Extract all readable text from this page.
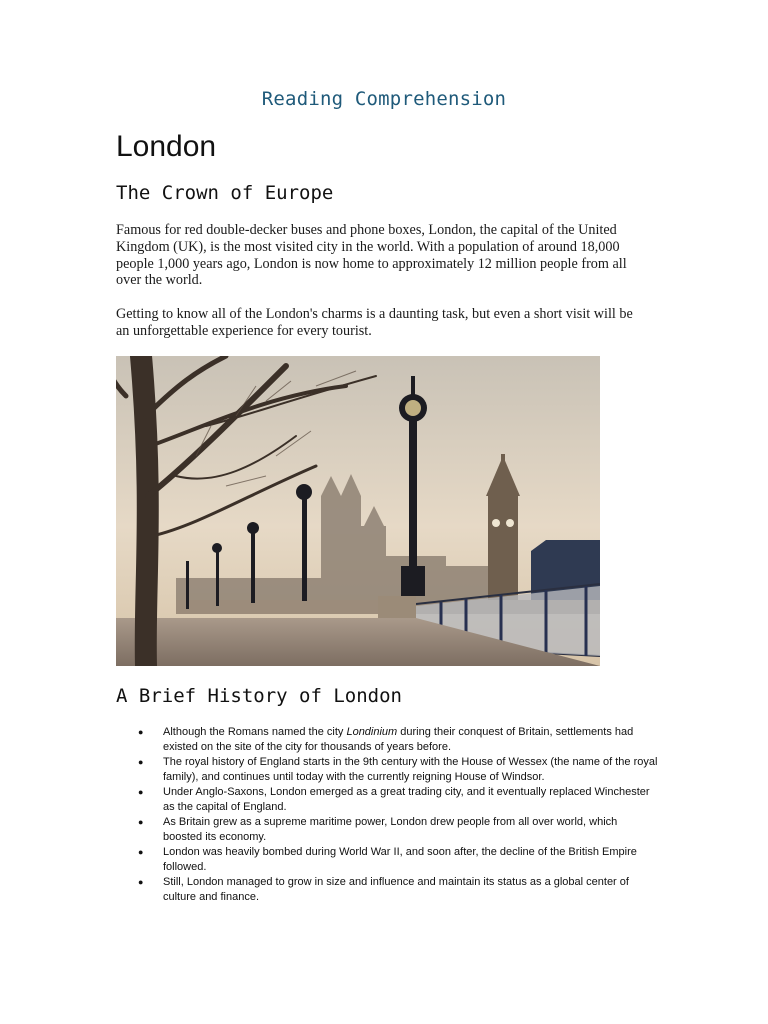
Reading Comprehension
London
The Crown of Europe

Famous for red double-decker buses and phone boxes, London, the capital of the United Kingdom (UK), is the most visited city in the world. With a population of around 18,000 people 1,000 years ago, London is now home to approximately 12 million people from all over the world.

Getting to know all of the London's charms is a daunting task, but even a short visit will be an unforgettable experience for every tourist.

A Brief History of London
● Although the Romans named the city Londinium during their conquest of Britain, settlements had existed on the site of the city for thousands of years before.
● The royal history of England starts in the 9th century with the House of Wessex (the name of the royal family), and continues until today with the currently reigning House of Windsor.
● Under Anglo-Saxons, London emerged as a great trading city, and it eventually replaced Winchester as the capital of England.
● As Britain grew as a supreme maritime power, London drew people from all over world, which boosted its economy.
● London was heavily bombed during World War II, and soon after, the decline of the British Empire followed.
● Still, London managed to grow in size and influence and maintain its status as a global center of culture and finance.
